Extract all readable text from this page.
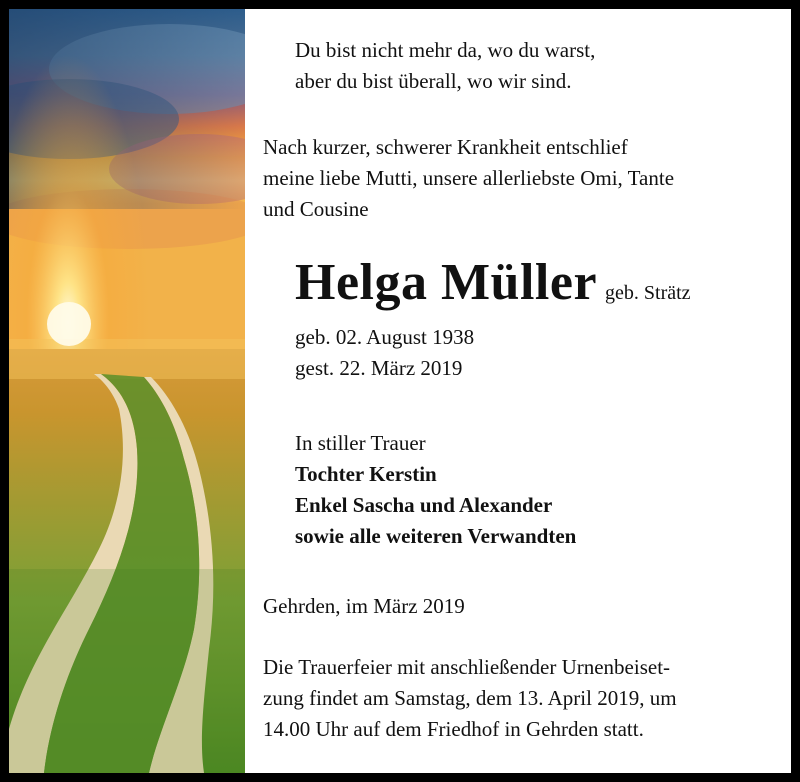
Du bist nicht mehr da, wo du warst,
aber du bist überall, wo wir sind.
Nach kurzer, schwerer Krankheit entschlief
meine liebe Mutti, unsere allerliebste Omi, Tante
und Cousine
Helga Müller geb. Strätz
geb. 02. August 1938
gest. 22. März 2019
In stiller Trauer
Tochter Kerstin
Enkel Sascha und Alexander
sowie alle weiteren Verwandten
Gehrden, im März 2019
Die Trauerfeier mit anschließender Urnenbeiset-
zung findet am Samstag, dem 13. April 2019, um
14.00 Uhr auf dem Friedhof in Gehrden statt.
